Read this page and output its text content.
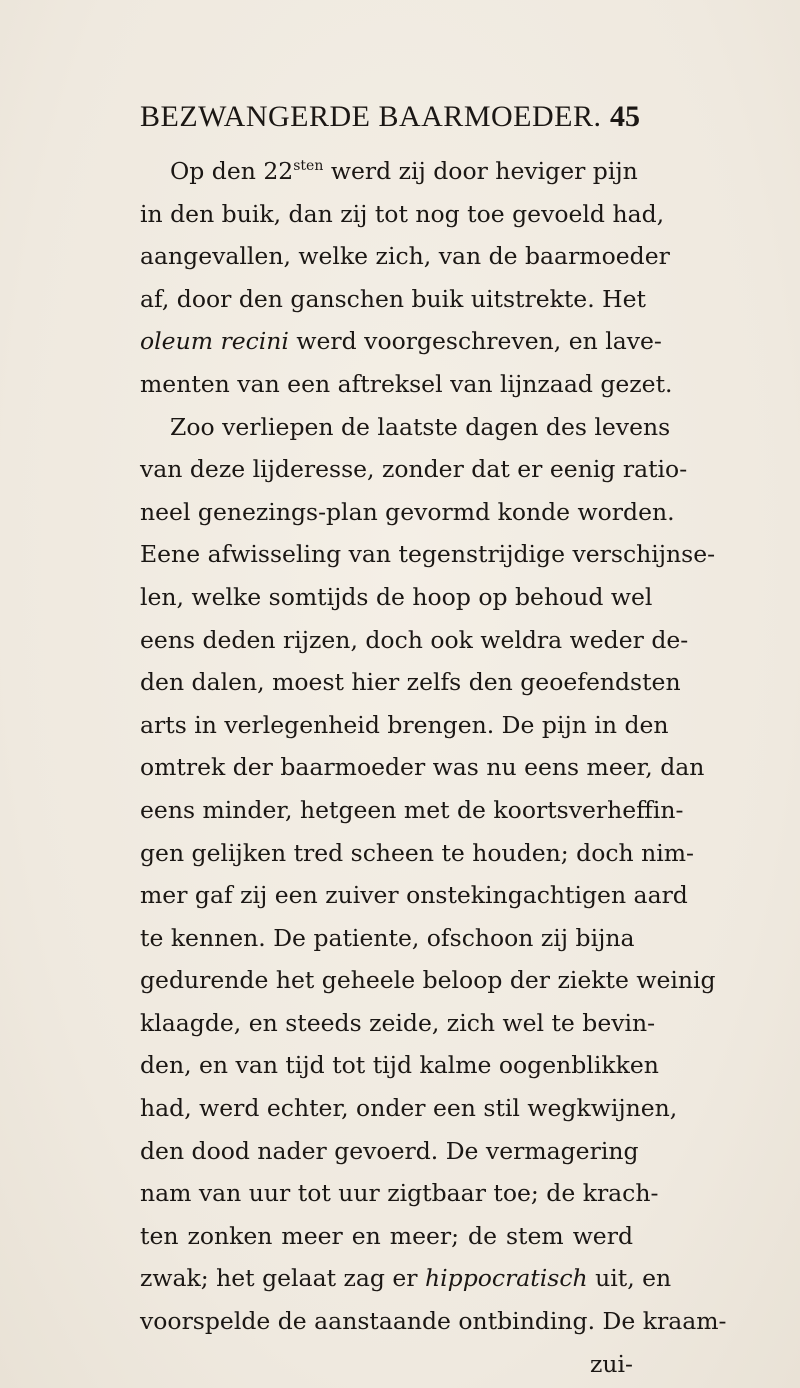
BEZWANGERDE BAARMOEDER. 45
Op den $22^{sten}$ werd zij door heviger pijn
in den buik, dan zij tot nog toe gevoeld had,
aangevallen, welke zich, van de baarmoeder
af, door den ganschen buik uitstrekte. Het
oleum recini werd voorgeschreven, en lave-
menten van een aftreksel van lijnzaad gezet.
Zoo verliepen de laatste dagen des levens
van deze lijderesse, zonder dat er eenig ratio-
neel genezings-plan gevormd konde worden.
Eene afwisseling van tegenstrijdige verschijnse-
len, welke somtijds de hoop op behoud wel
eens deden rijzen, doch ook weldra weder de-
den dalen, moest hier zelfs den geoefendsten
arts in verlegenheid brengen. De pijn in den
omtrek der baarmoeder was nu eens meer, dan
eens minder, hetgeen met de koortsverheffin-
gen gelijken tred scheen te houden; doch nim-
mer gaf zij een zuiver onstekingachtigen aard
te kennen. De patiente, ofschoon zij bijna
gedurende het geheele beloop der ziekte weinig
klaagde, en steeds zeide, zich wel te bevin-
den, en van tijd tot tijd kalme oogenblikken
had, werd echter, onder een stil wegkwijnen,
den dood nader gevoerd. De vermagering
nam van uur tot uur zigtbaar toe; de krach-
ten zonken meer en meer; de stem werd
zwak; het gelaat zag er hippocratisch uit, en
voorspelde de aanstaande ontbinding. De kraam-
zui-
